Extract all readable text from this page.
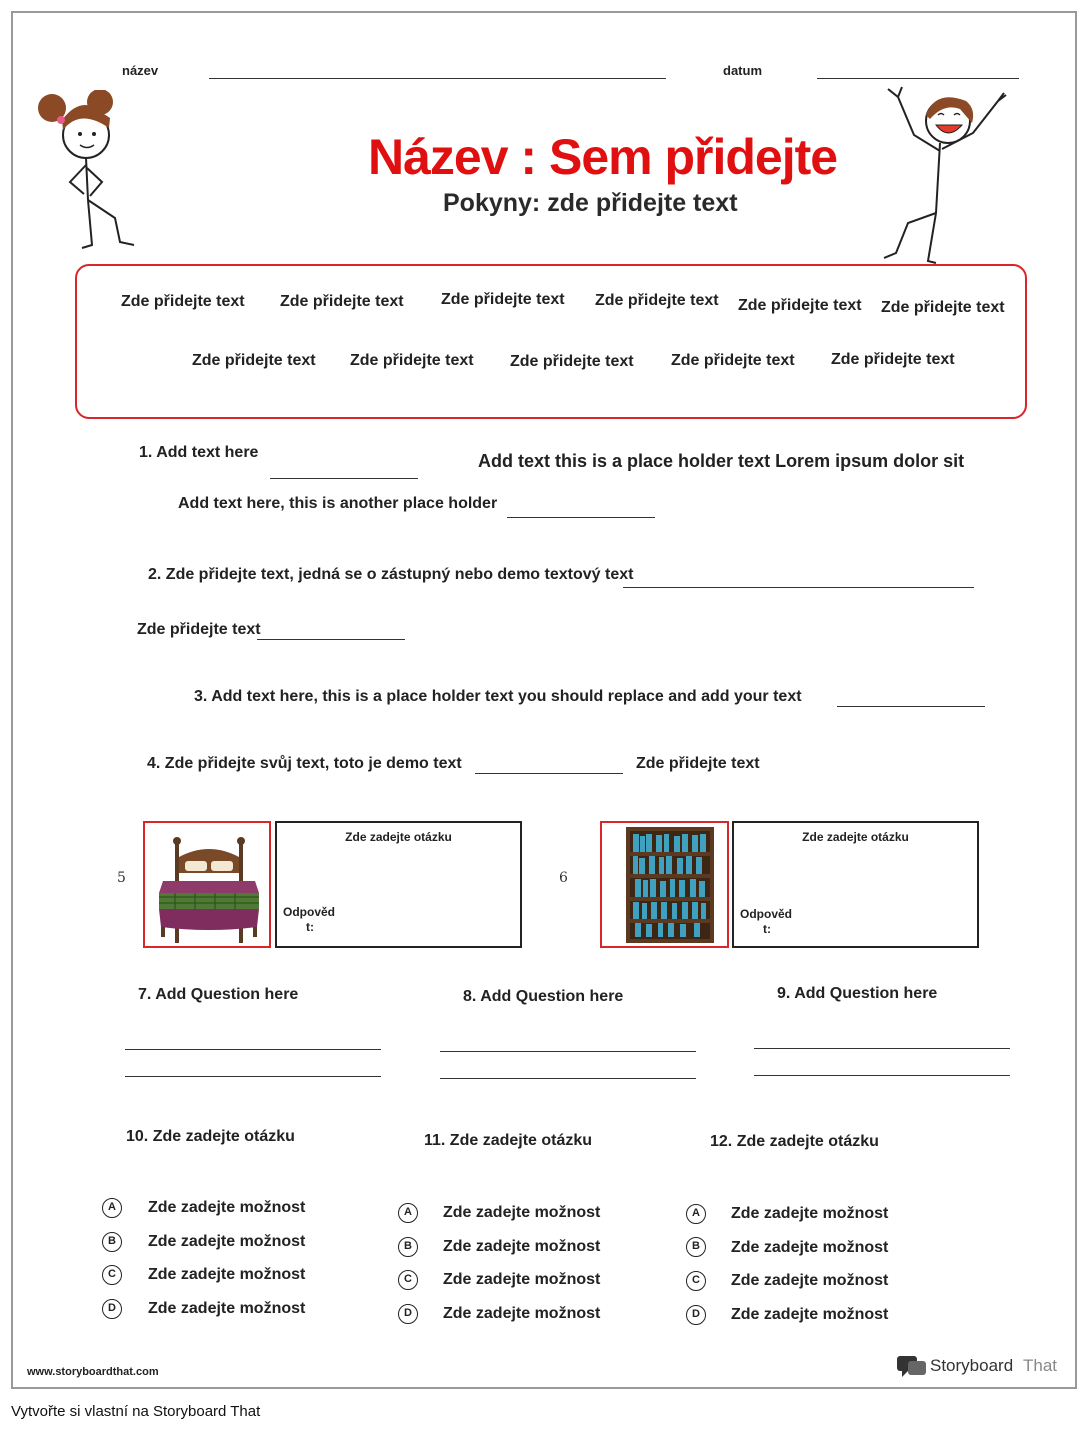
název	datum
Název : Sem přidejte
Pokyny: zde přidejte text
Zde přidejte text Zde přidejte text Zde přidejte text Zde přidejte text Zde přidejte text Zde přidejte text
Zde přidejte text Zde přidejte text Zde přidejte text Zde přidejte text Zde přidejte text
1. Add text here	Add text this is a place holder text Lorem ipsum dolor sit
Add text here, this is another place holder
2. Zde přidejte text, jedná se o zástupný nebo demo textový text
Zde přidejte text
3. Add text here, this is a place holder text you should replace and add your text
4. Zde přidejte svůj text, toto je demo text	Zde přidejte text
5
Zde zadejte otázku
Odpověd
t:
6
Zde zadejte otázku
Odpověd
t:
7. Add Question here	8. Add Question here	9. Add Question here
10. Zde zadejte otázku
A	Zde zadejte možnost
B	Zde zadejte možnost
C	Zde zadejte možnost
D	Zde zadejte možnost
11. Zde zadejte otázku
A	Zde zadejte možnost
B	Zde zadejte možnost
C	Zde zadejte možnost
D	Zde zadejte možnost
12. Zde zadejte otázku
A	Zde zadejte možnost
B	Zde zadejte možnost
C	Zde zadejte možnost
D	Zde zadejte možnost
www.storyboardthat.com	Storyboard That
Vytvořte si vlastní na Storyboard That
